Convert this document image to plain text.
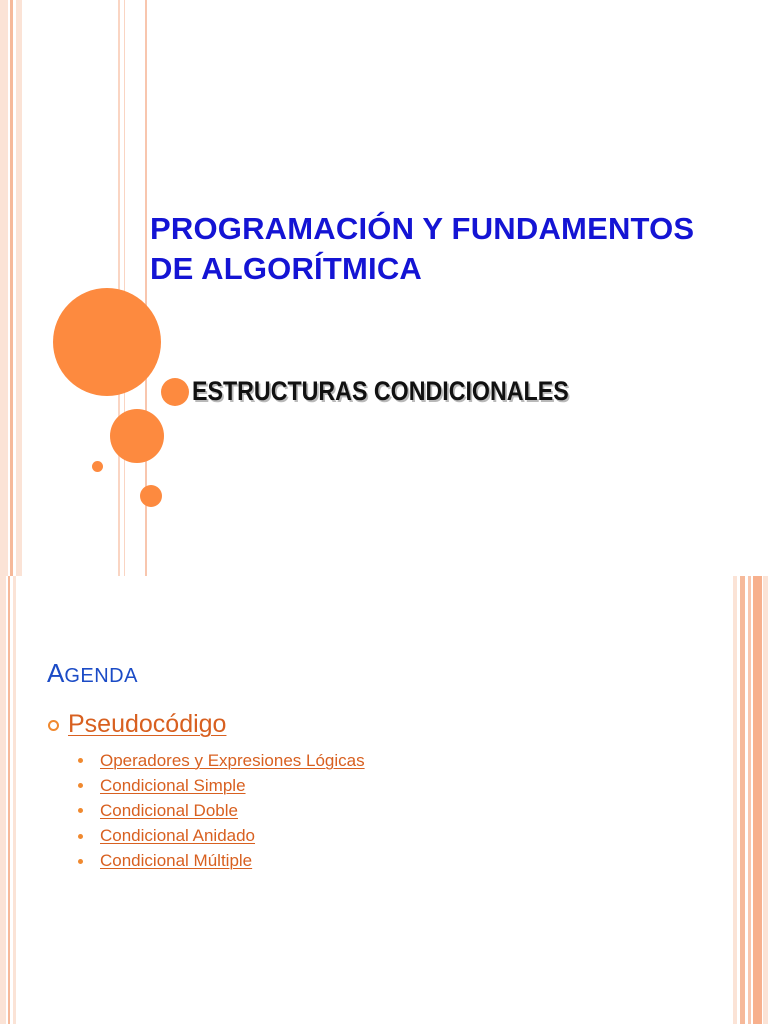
PROGRAMACIÓN Y FUNDAMENTOS
DE ALGORÍTMICA
ESTRUCTURAS CONDICIONALES
AGENDA
Pseudocódigo
Operadores y Expresiones Lógicas
Condicional Simple
Condicional Doble
Condicional Anidado
Condicional Múltiple
